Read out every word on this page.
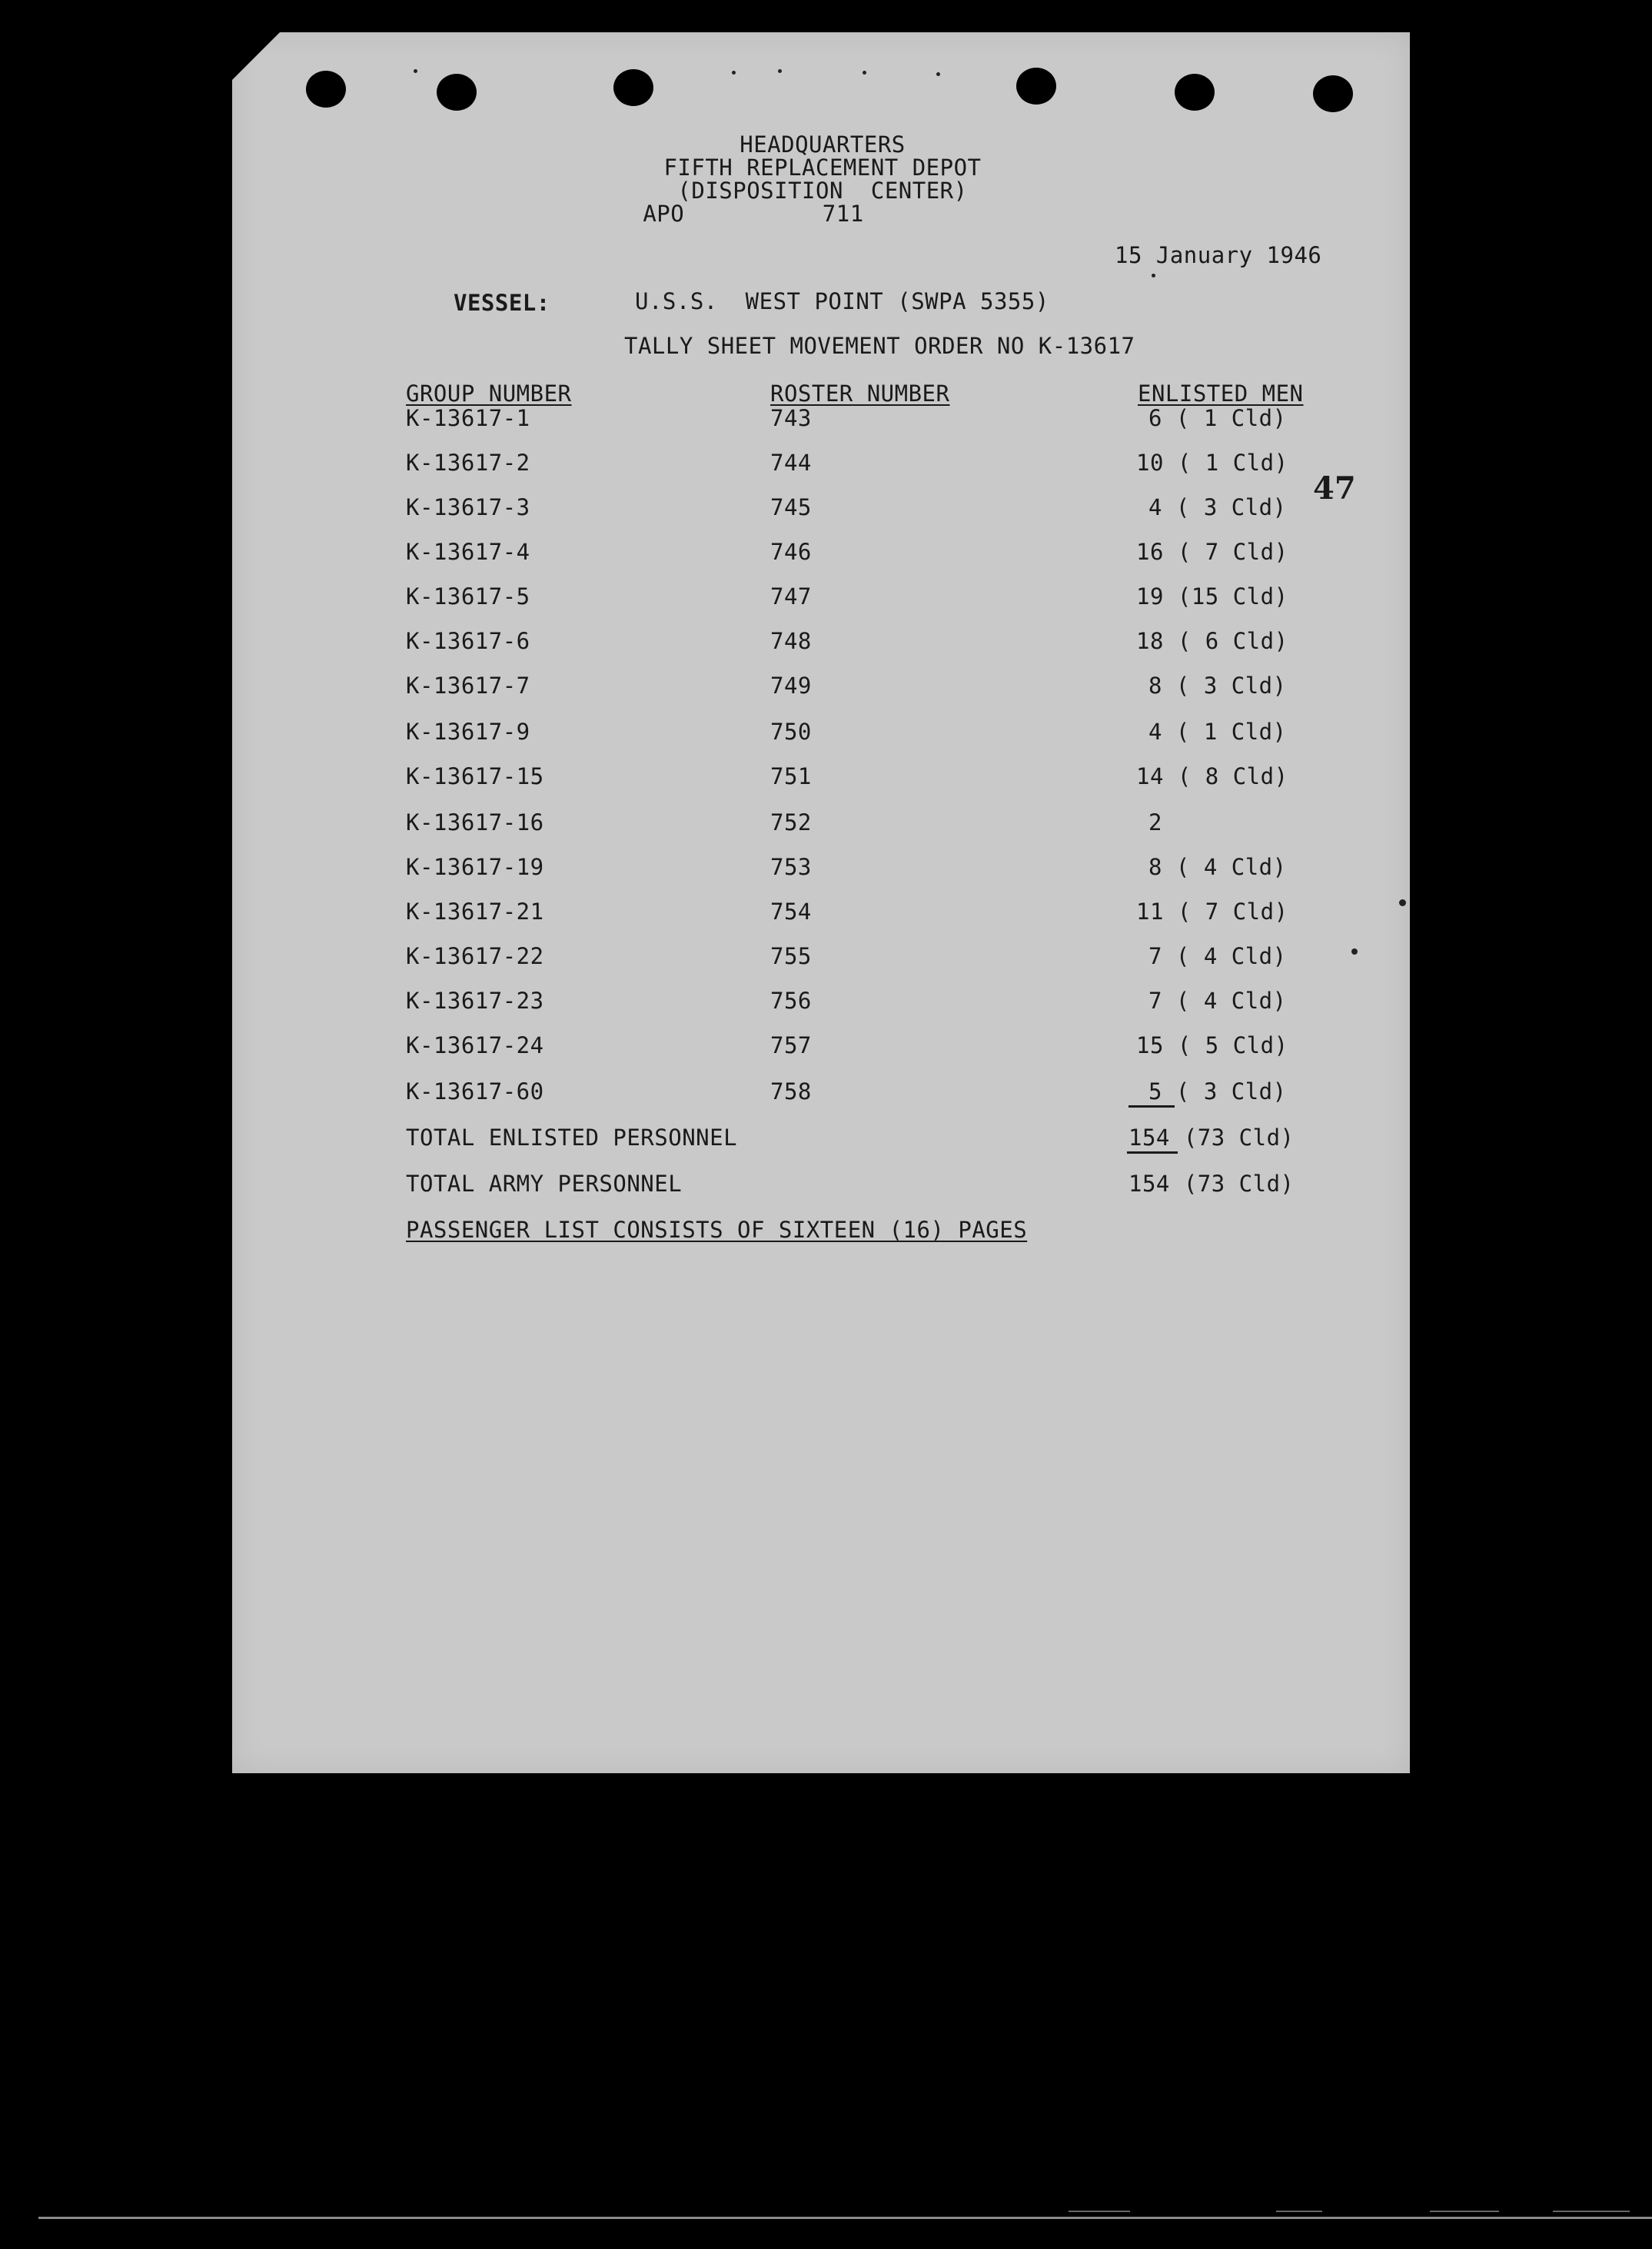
HEADQUARTERS
FIFTH REPLACEMENT DEPOT
(DISPOSITION  CENTER)
APO          711
15 January 1946
47
VESSEL:	U.S.S.  WEST POINT (SWPA 5355)
TALLY SHEET MOVEMENT ORDER NO K-13617
GROUP NUMBER	ROSTER NUMBER	ENLISTED MEN
K-13617-1	743	6 ( 1 Cld)
K-13617-2	744	10 ( 1 Cld)
K-13617-3	745	4 ( 3 Cld)
K-13617-4	746	16 ( 7 Cld)
K-13617-5	747	19 (15 Cld)
K-13617-6	748	18 ( 6 Cld)
K-13617-7	749	8 ( 3 Cld)
K-13617-9	750	4 ( 1 Cld)
K-13617-15	751	14 ( 8 Cld)
K-13617-16	752	2
K-13617-19	753	8 ( 4 Cld)
K-13617-21	754	11 ( 7 Cld)
K-13617-22	755	7 ( 4 Cld)
K-13617-23	756	7 ( 4 Cld)
K-13617-24	757	15 ( 5 Cld)
K-13617-60	758	5 ( 3 Cld)
TOTAL ENLISTED PERSONNEL	154 (73 Cld)
TOTAL ARMY PERSONNEL	154 (73 Cld)
PASSENGER LIST CONSISTS OF SIXTEEN (16) PAGES
